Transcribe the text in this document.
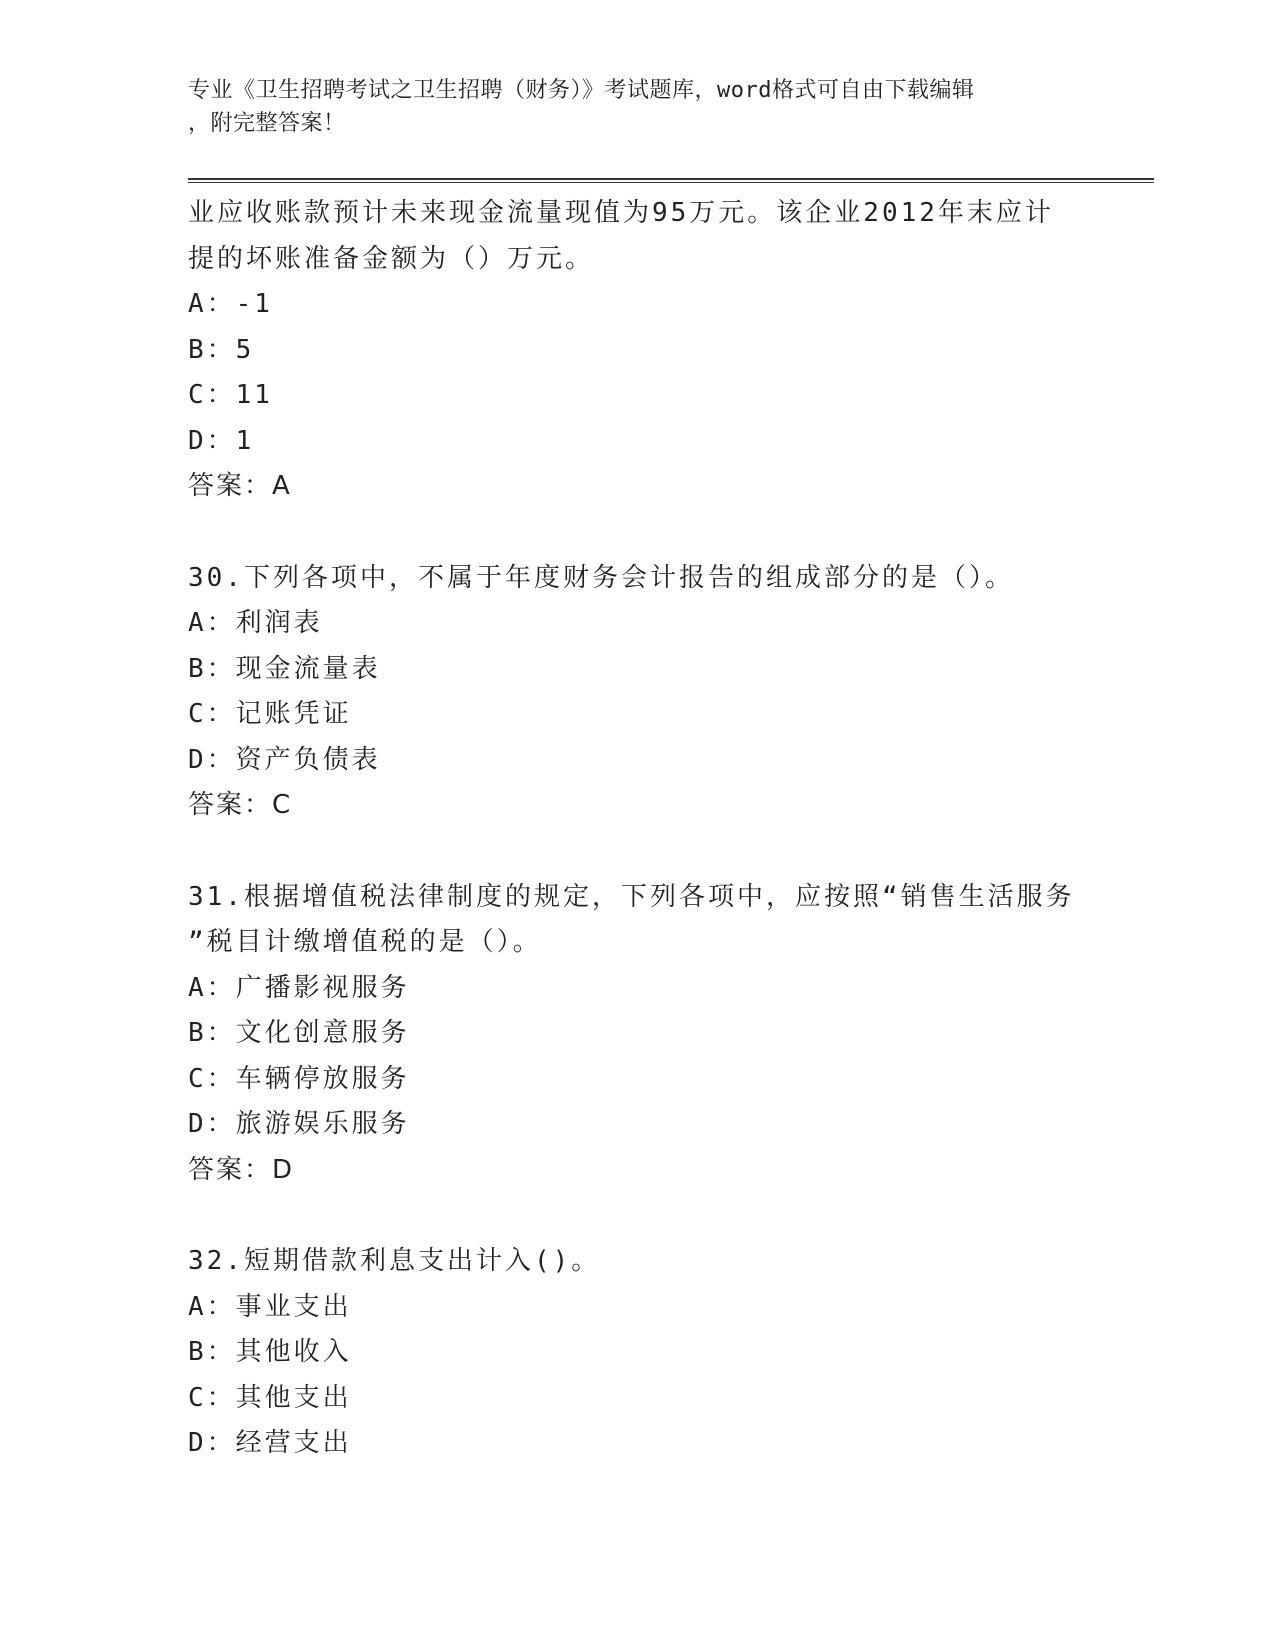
专业《卫生招聘考试之卫生招聘（财务）》考试题库，word格式可自由下载编辑
，附完整答案！
业应收账款预计未来现金流量现值为95万元。该企业2012年末应计
提的坏账准备金额为（）万元。
A：-1
B：5
C：11
D：1
答案：A
30.下列各项中，不属于年度财务会计报告的组成部分的是（）。
A：利润表
B：现金流量表
C：记账凭证
D：资产负债表
答案：C
31.根据增值税法律制度的规定，下列各项中，应按照“销售生活服务
”税目计缴增值税的是（）。
A：广播影视服务
B：文化创意服务
C：车辆停放服务
D：旅游娱乐服务
答案：D
32.短期借款利息支出计入()。
A：事业支出
B：其他收入
C：其他支出
D：经营支出
